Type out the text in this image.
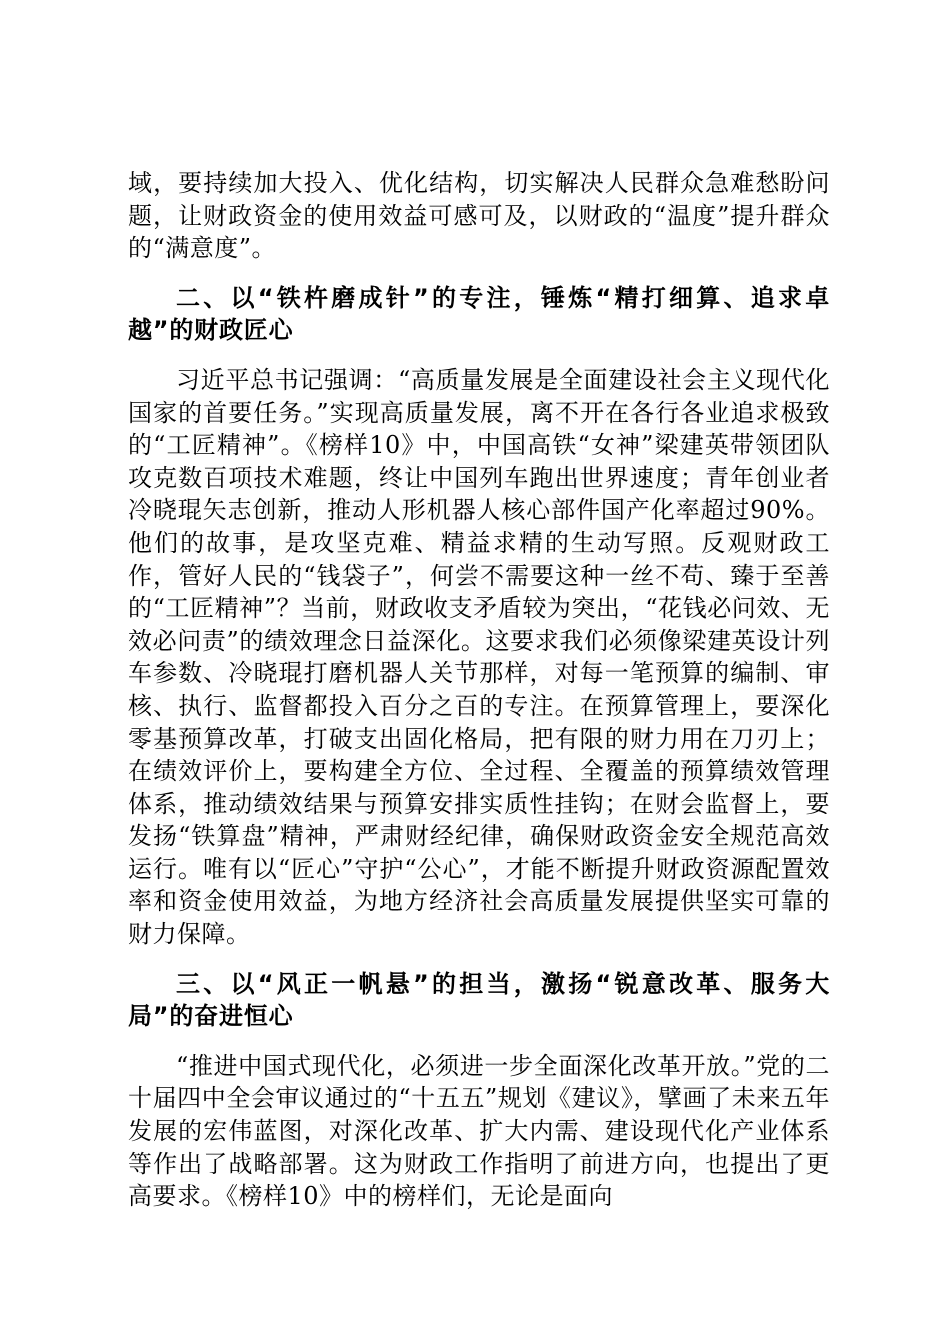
域，要持续加大投入、优化结构，切实解决人民群众急难愁盼问题，让财政资金的使用效益可感可及，以财政的“温度”提升群众的“满意度”。

二、以“铁杵磨成针”的专注，锤炼“精打细算、追求卓越”的财政匠心

习近平总书记强调：“高质量发展是全面建设社会主义现代化国家的首要任务。”实现高质量发展，离不开在各行各业追求极致的“工匠精神”。《榜样10》中，中国高铁“女神”梁建英带领团队攻克数百项技术难题，终让中国列车跑出世界速度；青年创业者冷晓琨矢志创新，推动人形机器人核心部件国产化率超过90%。他们的故事，是攻坚克难、精益求精的生动写照。反观财政工作，管好人民的“钱袋子”，何尝不需要这种一丝不苟、臻于至善的“工匠精神”？当前，财政收支矛盾较为突出，“花钱必问效、无效必问责”的绩效理念日益深化。这要求我们必须像梁建英设计列车参数、冷晓琨打磨机器人关节那样，对每一笔预算的编制、审核、执行、监督都投入百分之百的专注。在预算管理上，要深化零基预算改革，打破支出固化格局，把有限的财力用在刀刃上；在绩效评价上，要构建全方位、全过程、全覆盖的预算绩效管理体系，推动绩效结果与预算安排实质性挂钩；在财会监督上，要发扬“铁算盘”精神，严肃财经纪律，确保财政资金安全规范高效运行。唯有以“匠心”守护“公心”，才能不断提升财政资源配置效率和资金使用效益，为地方经济社会高质量发展提供坚实可靠的财力保障。

三、以“风正一帆悬”的担当，激扬“锐意改革、服务大局”的奋进恒心

“推进中国式现代化，必须进一步全面深化改革开放。”党的二十届四中全会审议通过的“十五五”规划《建议》，擘画了未来五年发展的宏伟蓝图，对深化改革、扩大内需、建设现代化产业体系等作出了战略部署。这为财政工作指明了前进方向，也提出了更高要求。《榜样10》中的榜样们，无论是面向
